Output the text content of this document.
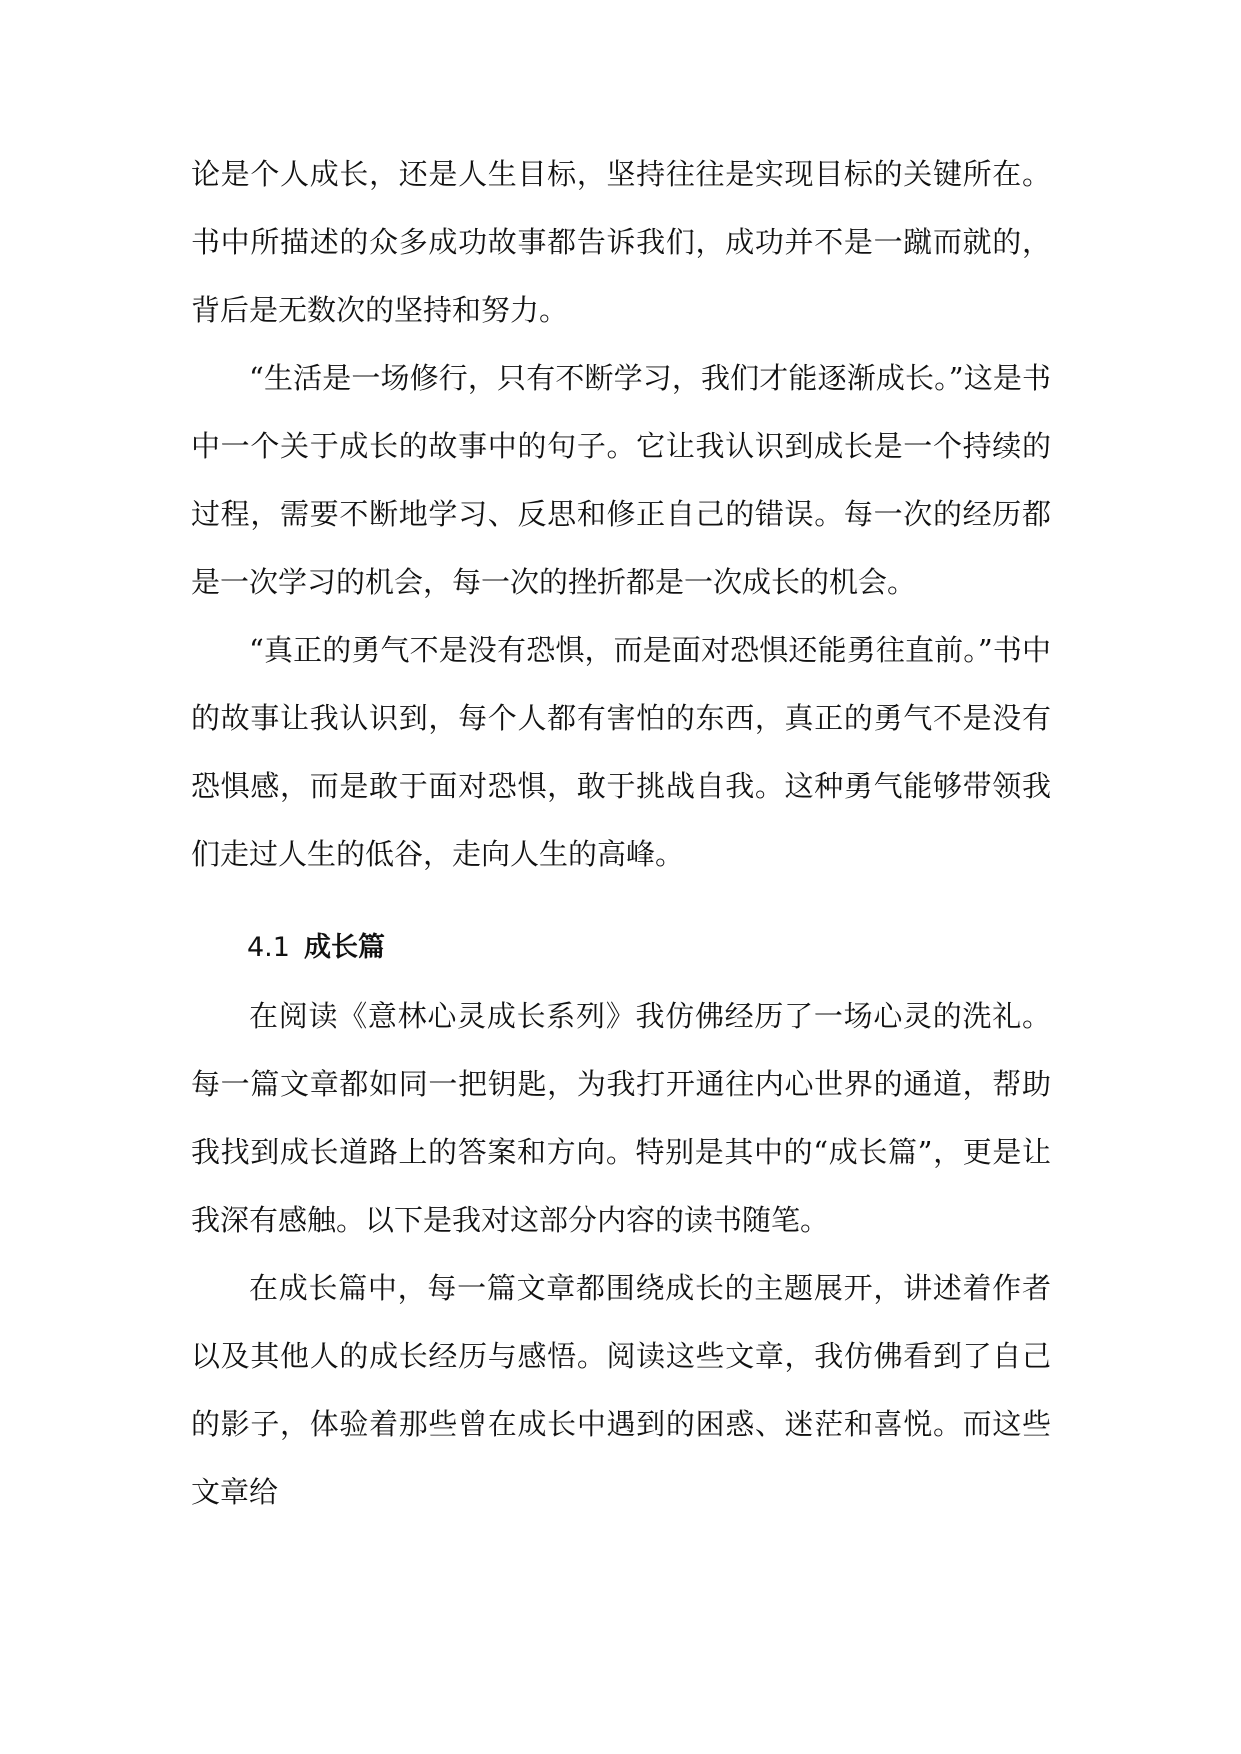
论是个人成长，还是人生目标，坚持往往是实现目标的关键所在。书中所描述的众多成功故事都告诉我们，成功并不是一蹴而就的，背后是无数次的坚持和努力。

“生活是一场修行，只有不断学习，我们才能逐渐成长。”这是书中一个关于成长的故事中的句子。它让我认识到成长是一个持续的过程，需要不断地学习、反思和修正自己的错误。每一次的经历都是一次学习的机会，每一次的挫折都是一次成长的机会。

“真正的勇气不是没有恐惧，而是面对恐惧还能勇往直前。”书中的故事让我认识到，每个人都有害怕的东西，真正的勇气不是没有恐惧感，而是敢于面对恐惧，敢于挑战自我。这种勇气能够带领我们走过人生的低谷，走向人生的高峰。

4.1 成长篇

在阅读《意林心灵成长系列》我仿佛经历了一场心灵的洗礼。每一篇文章都如同一把钥匙，为我打开通往内心世界的通道，帮助我找到成长道路上的答案和方向。特别是其中的“成长篇”，更是让我深有感触。以下是我对这部分内容的读书随笔。

在成长篇中，每一篇文章都围绕成长的主题展开，讲述着作者以及其他人的成长经历与感悟。阅读这些文章，我仿佛看到了自己的影子，体验着那些曾在成长中遇到的困惑、迷茫和喜悦。而这些文章给
